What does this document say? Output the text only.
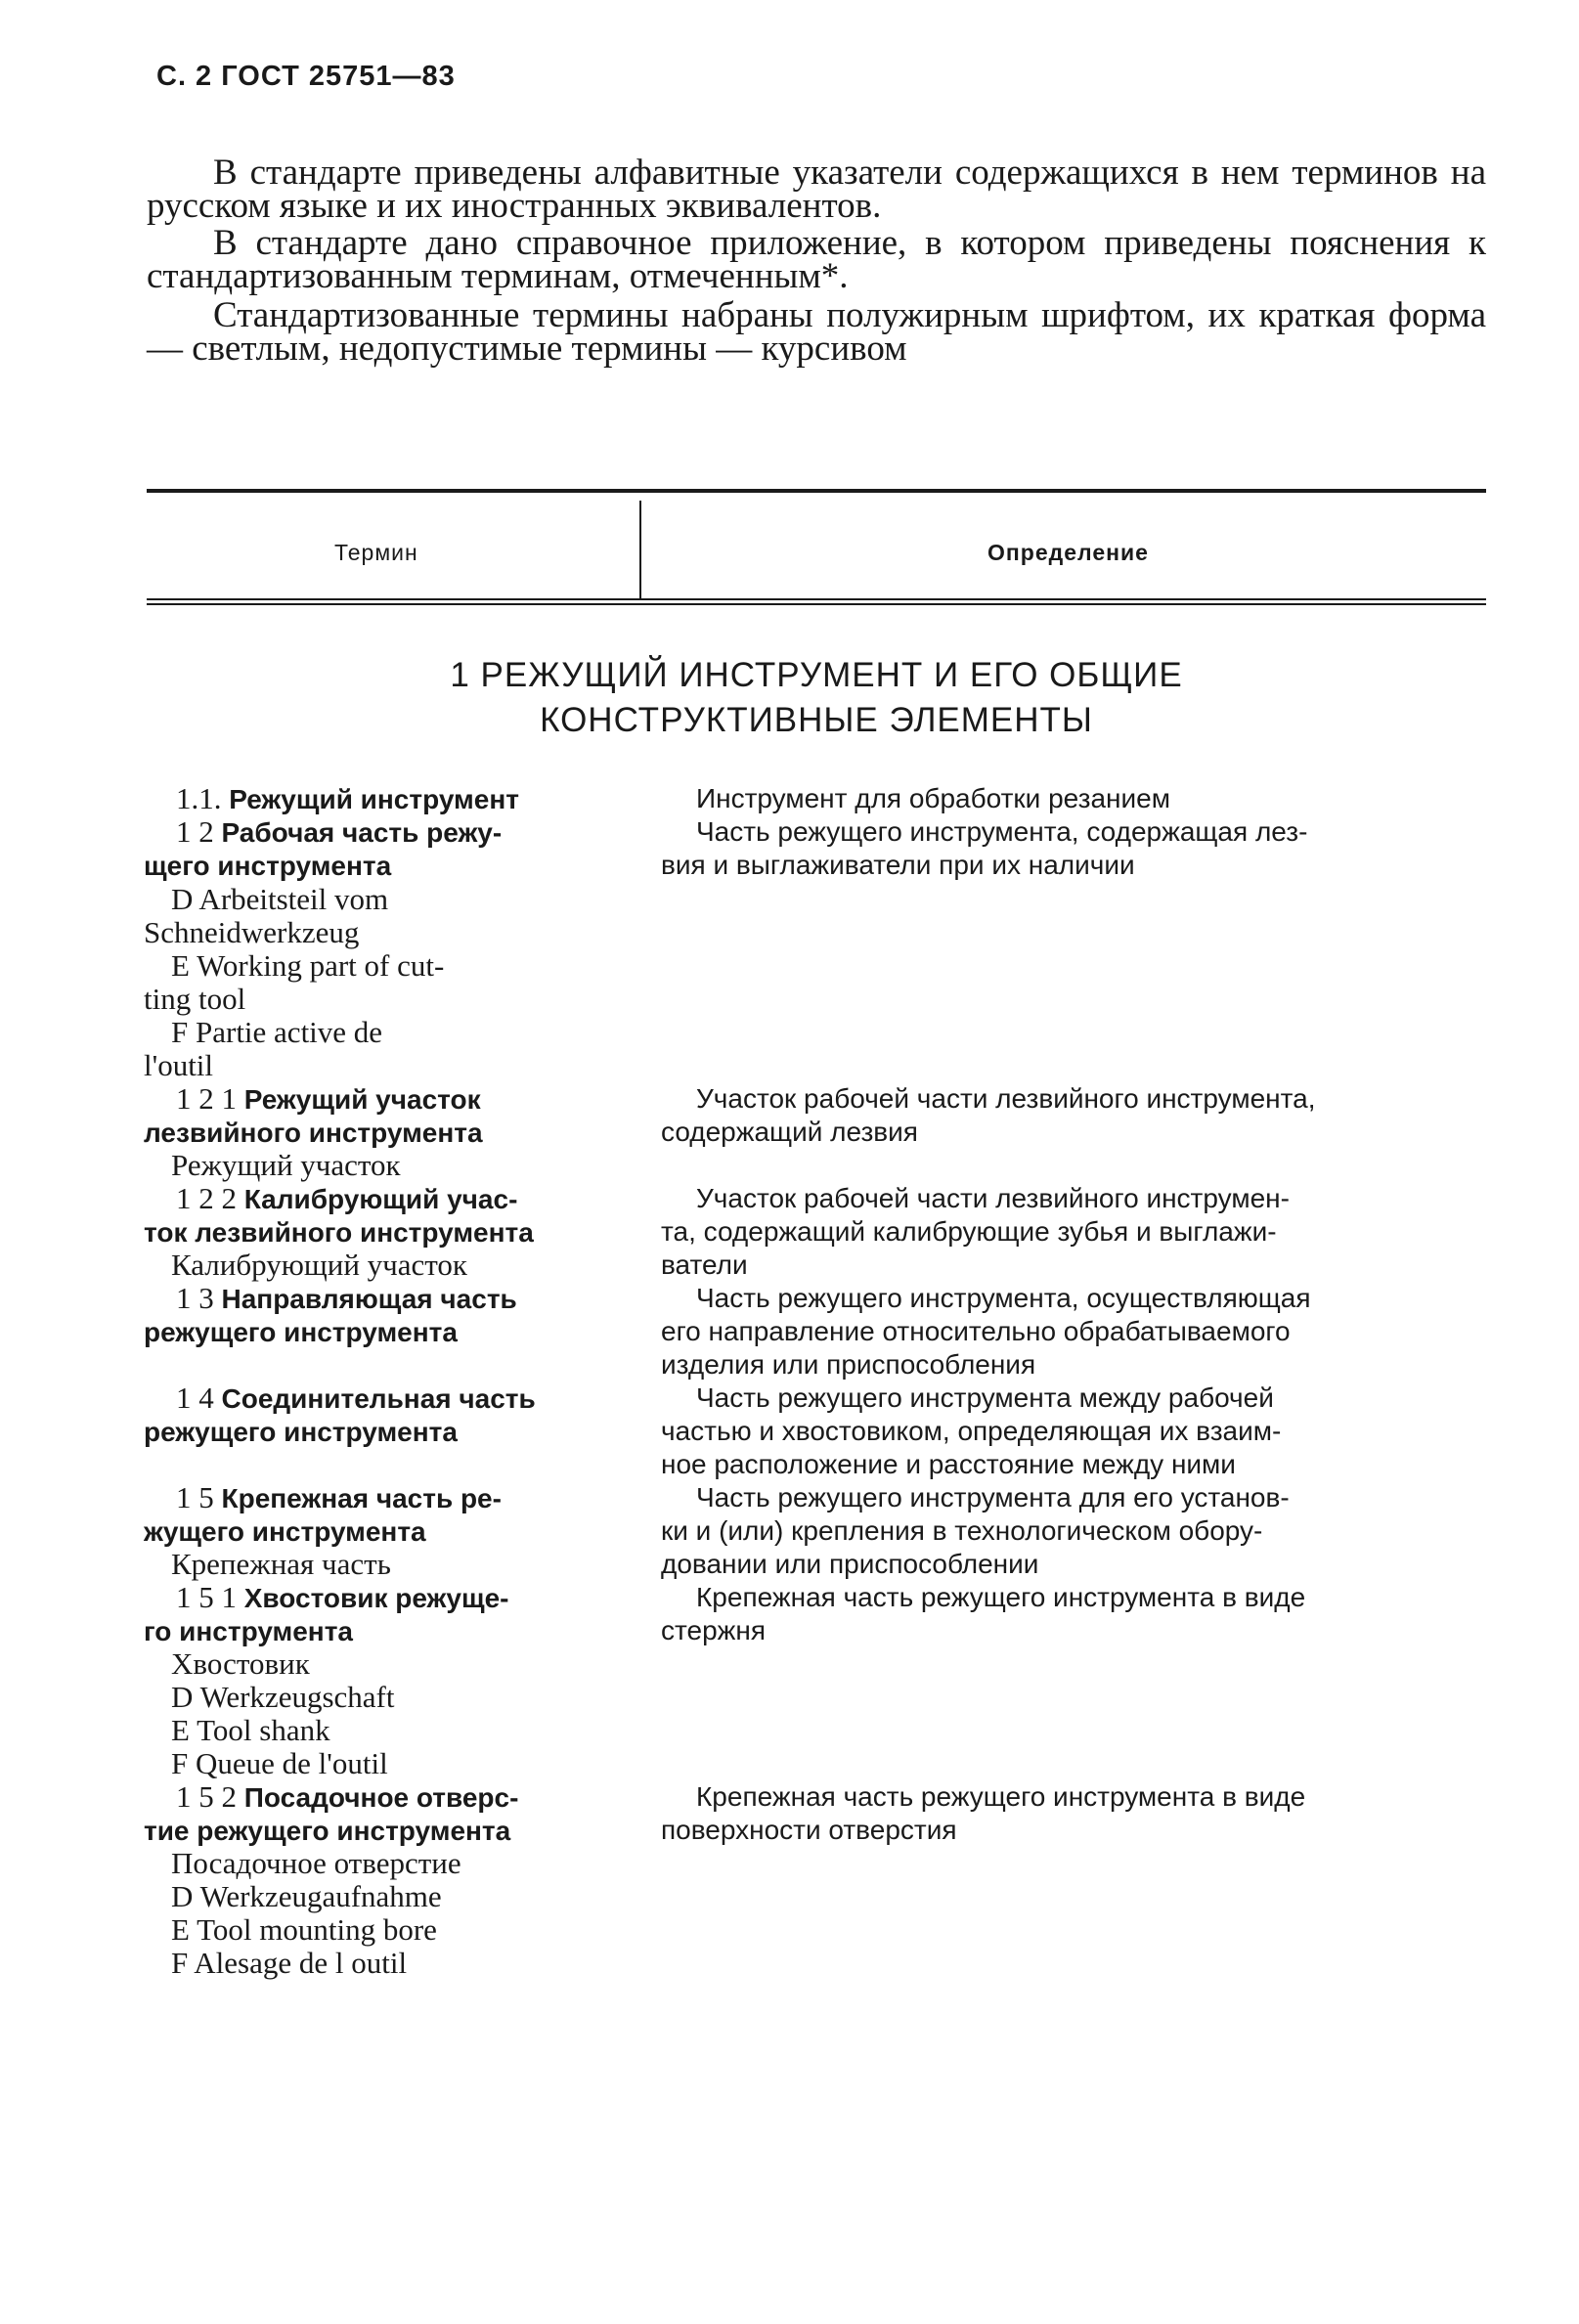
С. 2 ГОСТ 25751—83

В стандарте приведены алфавитные указатели содержащихся в нем терминов на русском языке и их иностранных эквивалентов.

В стандарте дано справочное приложение, в котором приведены пояснения к стандартизованным терминам, отмеченным*.

Стандартизованные термины набраны полужирным шрифтом, их краткая форма — светлым, недопустимые термины — курсивом

Термин	Определение
1 РЕЖУЩИЙ ИНСТРУМЕНТ И ЕГО ОБЩИЕ
КОНСТРУКТИВНЫЕ ЭЛЕМЕНТЫ
1.1. Режущий инструмент
1 2 Рабочая часть режу-
щего инструмента
D Arbeitsteil vom
Schneidwerkzeug
E Working part of cut-
ting tool
F Partie active de
l'outil
1 2 1 Режущий участок
лезвийного инструмента
Режущий участок
1 2 2 Калибрующий учас-
ток лезвийного инструмента
Калибрующий участок
1 3 Направляющая часть
режущего инструмента
1 4 Соединительная часть
режущего инструмента
1 5 Крепежная часть ре-
жущего инструмента
Крепежная часть
1 5 1 Хвостовик режуще-
го инструмента
Хвостовик
D Werkzeugschaft
E Tool shank
F Queue de l'outil
1 5 2 Посадочное отверс-
тие режущего инструмента
Посадочное отверстие
D Werkzeugaufnahme
E Tool mounting bore
F Alesage de l outil
Инструмент для обработки резанием
Часть режущего инструмента, содержащая лез-
вия и выглаживатели при их наличии
Участок рабочей части лезвийного инструмента,
содержащий лезвия
Участок рабочей части лезвийного инструмен-
та, содержащий калибрующие зубья и выглажи-
ватели
Часть режущего инструмента, осуществляющая
его направление относительно обрабатываемого
изделия или приспособления
Часть режущего инструмента между рабочей
частью и хвостовиком, определяющая их взаим-
ное расположение и расстояние между ними
Часть режущего инструмента для его установ-
ки и (или) крепления в технологическом обору-
довании или приспособлении
Крепежная часть режущего инструмента в виде
стержня
Крепежная часть режущего инструмента в виде
поверхности отверстия
